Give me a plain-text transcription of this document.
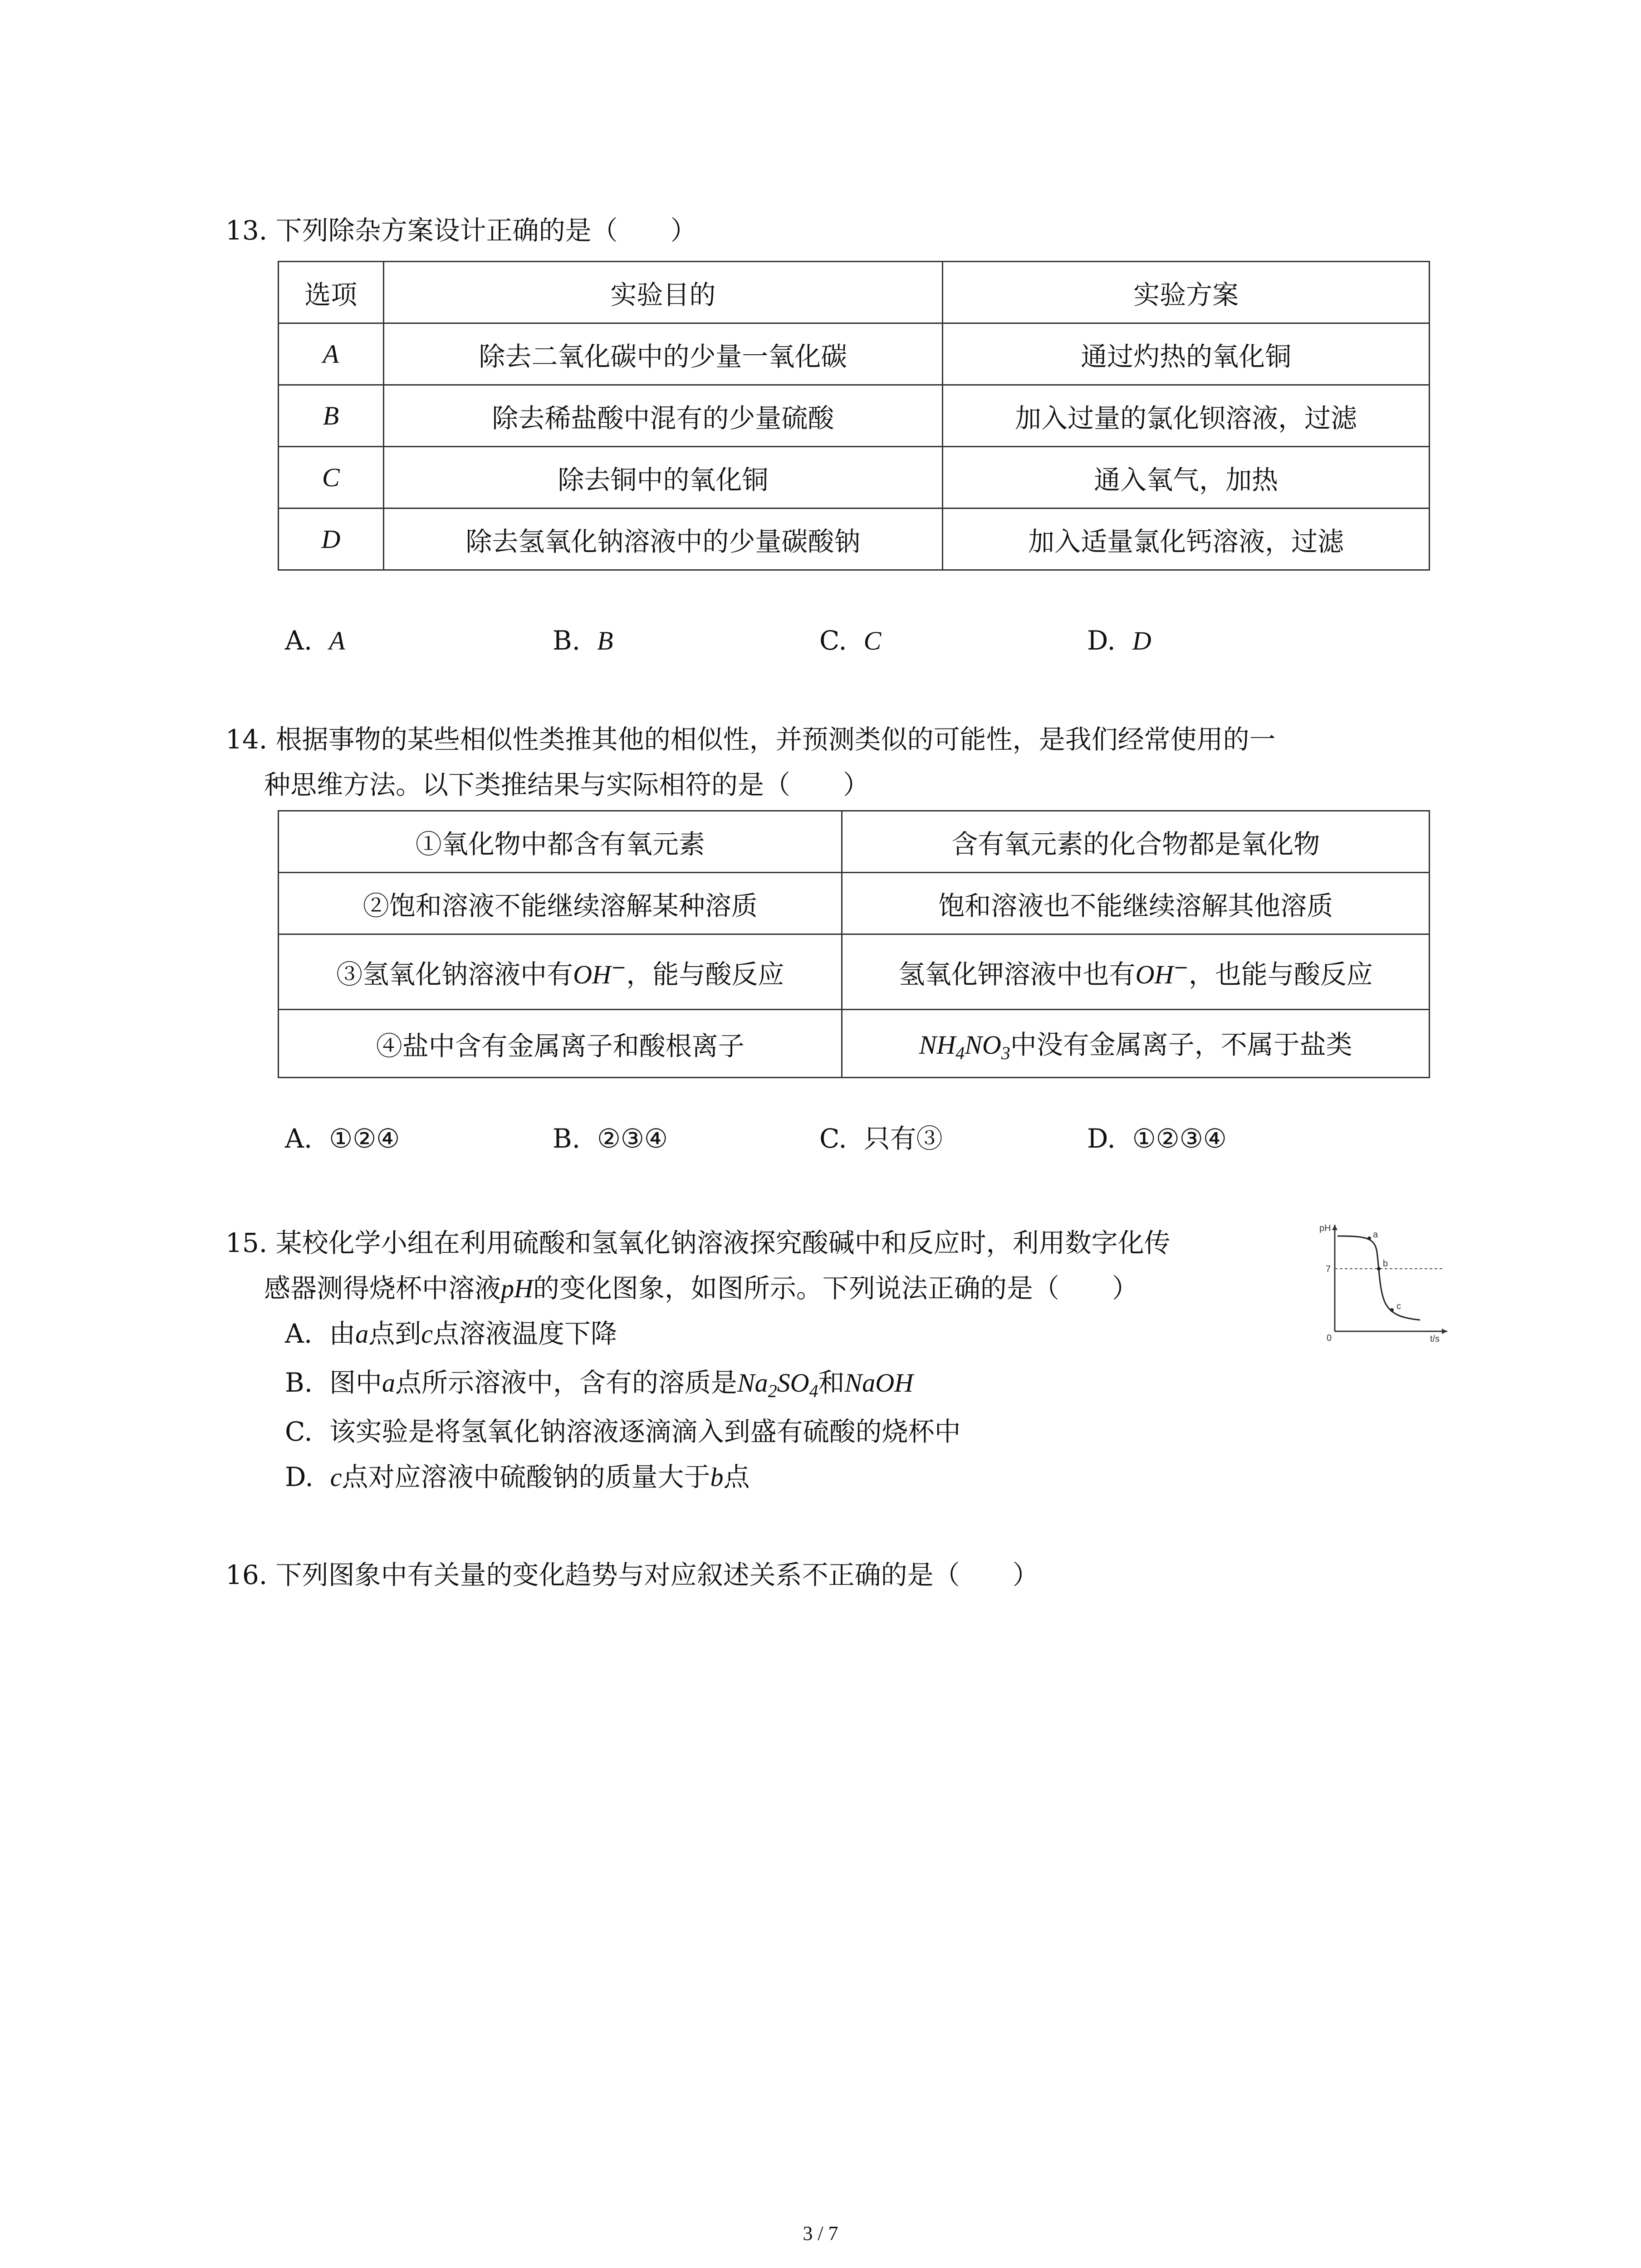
13. 下列除杂方案设计正确的是（　　）
选项	实验目的	实验方案
A	除去二氧化碳中的少量一氧化碳	通过灼热的氧化铜
B	除去稀盐酸中混有的少量硫酸	加入过量的氯化钡溶液，过滤
C	除去铜中的氧化铜	通入氧气，加热
D	除去氢氧化钠溶液中的少量碳酸钠	加入适量氯化钙溶液，过滤
A. A	B. B	C. C	D. D
14. 根据事物的某些相似性类推其他的相似性，并预测类似的可能性，是我们经常使用的一
种思维方法。以下类推结果与实际相符的是（　　）
①氧化物中都含有氧元素	含有氧元素的化合物都是氧化物
②饱和溶液不能继续溶解某种溶质	饱和溶液也不能继续溶解其他溶质
③氢氧化钠溶液中有OH−，能与酸反应	氢氧化钾溶液中也有OH−，也能与酸反应
④盐中含有金属离子和酸根离子	$NH_4NO_3$中没有金属离子，不属于盐类
A. ①②④	B. ②③④	C. 只有③	D. ①②③④
15. 某校化学小组在利用硫酸和氢氧化钠溶液探究酸碱中和反应时，利用数字化传
感器测得烧杯中溶液pH的变化图象，如图所示。下列说法正确的是（　　）
A. 由a点到c点溶液温度下降
B. 图中a点所示溶液中，含有的溶质是$Na_2SO_4$和NaOH
C. 该实验是将氢氧化钠溶液逐滴滴入到盛有硫酸的烧杯中
D. c点对应溶液中硫酸钠的质量大于b点
pH
7
0	t/s
a
b
c
16. 下列图象中有关量的变化趋势与对应叙述关系不正确的是（　　）
3 / 7
